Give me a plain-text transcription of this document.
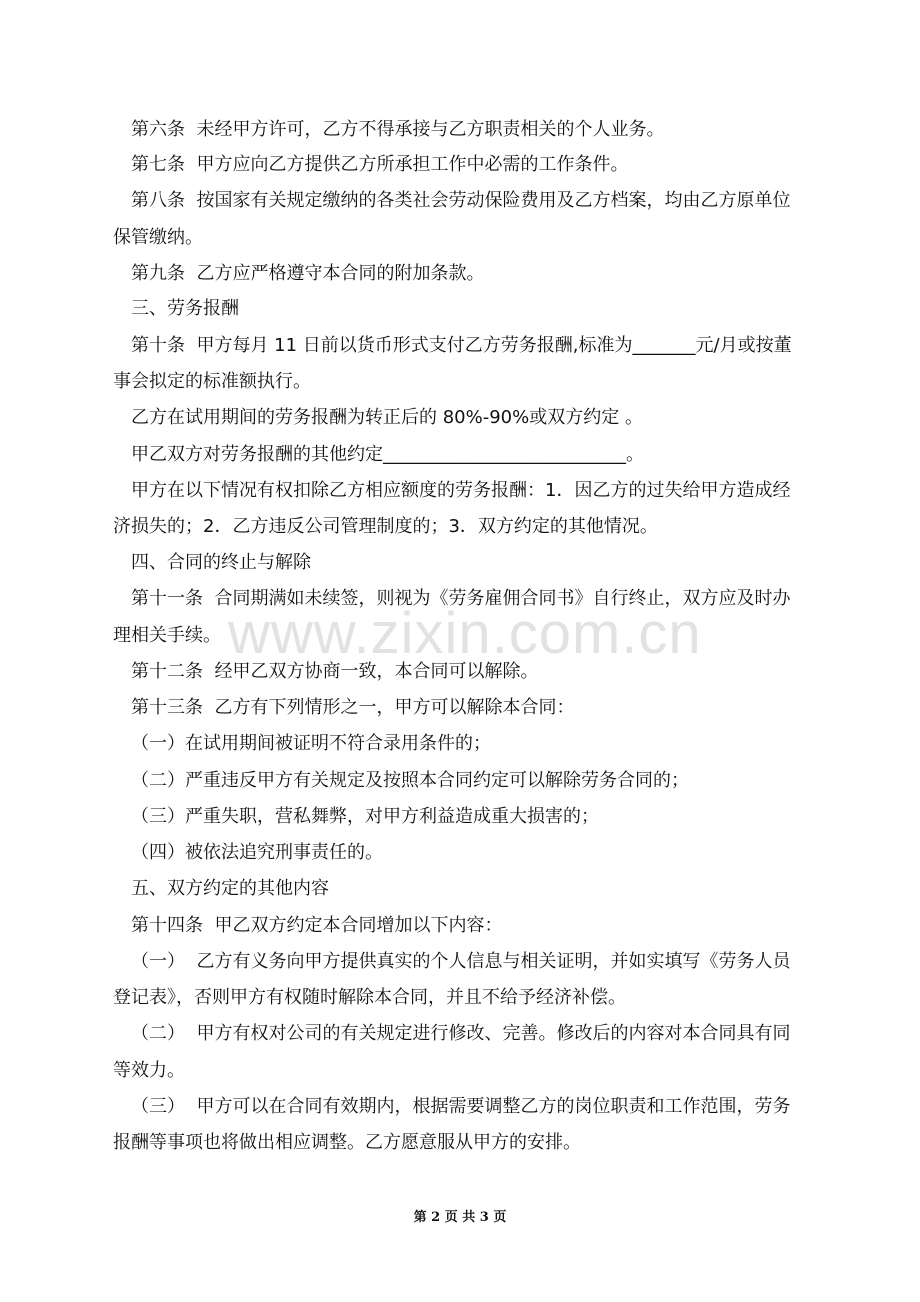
www.zixin.com.cn
第六条  未经甲方许可，乙方不得承接与乙方职责相关的个人业务。
第七条  甲方应向乙方提供乙方所承担工作中必需的工作条件。
第八条  按国家有关规定缴纳的各类社会劳动保险费用及乙方档案，均由乙方原单位
保管缴纳。
第九条  乙方应严格遵守本合同的附加条款。
三、劳务报酬
第十条  甲方每月 11 日前以货币形式支付乙方劳务报酬,标准为_______元/月或按董
事会拟定的标准额执行。
乙方在试用期间的劳务报酬为转正后的 80%-90%或双方约定 。
甲乙双方对劳务报酬的其他约定___________________________。
甲方在以下情况有权扣除乙方相应额度的劳务报酬：1．因乙方的过失给甲方造成经
济损失的；2．乙方违反公司管理制度的；3．双方约定的其他情况。
四、合同的终止与解除
第十一条  合同期满如未续签，则视为《劳务雇佣合同书》自行终止，双方应及时办
理相关手续。
第十二条  经甲乙双方协商一致，本合同可以解除。
第十三条  乙方有下列情形之一，甲方可以解除本合同：
（一）在试用期间被证明不符合录用条件的；
（二）严重违反甲方有关规定及按照本合同约定可以解除劳务合同的；
（三）严重失职，营私舞弊，对甲方利益造成重大损害的；
（四）被依法追究刑事责任的。
五、双方约定的其他内容
第十四条  甲乙双方约定本合同增加以下内容：
（一）  乙方有义务向甲方提供真实的个人信息与相关证明，并如实填写《劳务人员
登记表》，否则甲方有权随时解除本合同，并且不给予经济补偿。
（二）  甲方有权对公司的有关规定进行修改、完善。修改后的内容对本合同具有同
等效力。
（三）  甲方可以在合同有效期内，根据需要调整乙方的岗位职责和工作范围，劳务
报酬等事项也将做出相应调整。乙方愿意服从甲方的安排。
第 2 页 共 3 页
